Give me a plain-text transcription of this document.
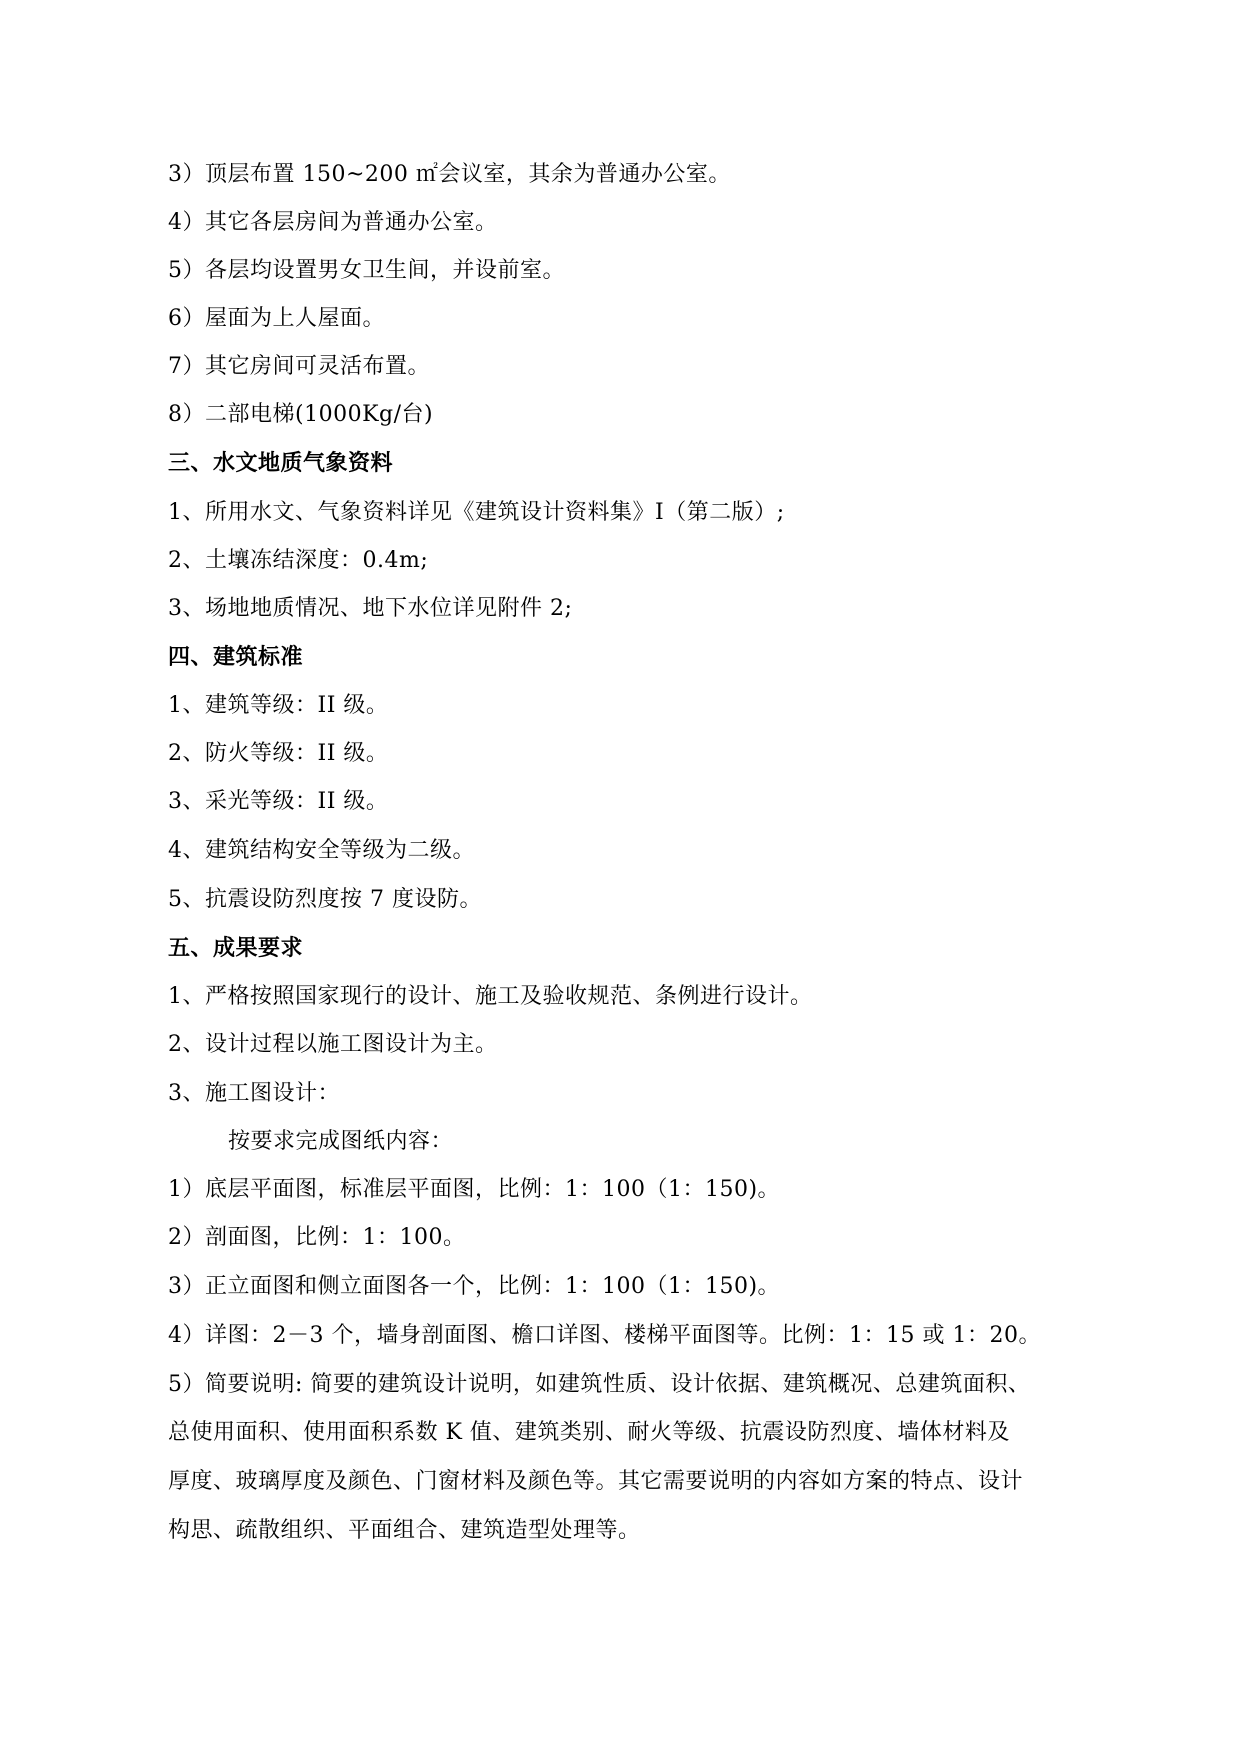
3）顶层布置 150~200 ㎡会议室，其余为普通办公室。
4）其它各层房间为普通办公室。
5）各层均设置男女卫生间，并设前室。
6）屋面为上人屋面。
7）其它房间可灵活布置。
8）二部电梯(1000Kg/台)
三、水文地质气象资料
1、所用水文、气象资料详见《建筑设计资料集》Ⅰ（第二版）;
2、土壤冻结深度：0.4m;
3、场地地质情况、地下水位详见附件 2;
四、建筑标准
1、建筑等级：II 级。
2、防火等级：II 级。
3、采光等级：II 级。
4、建筑结构安全等级为二级。
5、抗震设防烈度按 7 度设防。
五、成果要求
1、严格按照国家现行的设计、施工及验收规范、条例进行设计。
2、设计过程以施工图设计为主。
3、施工图设计：
按要求完成图纸内容：
1）底层平面图，标准层平面图，比例：1：100（1：150)。
2）剖面图，比例：1：100。
3）正立面图和侧立面图各一个，比例：1：100（1：150)。
4）详图：2－3 个，墙身剖面图、檐口详图、楼梯平面图等。比例：1：15 或 1：20。
5）简要说明: 简要的建筑设计说明，如建筑性质、设计依据、建筑概况、总建筑面积、
总使用面积、使用面积系数 K 值、建筑类别、耐火等级、抗震设防烈度、墙体材料及
厚度、玻璃厚度及颜色、门窗材料及颜色等。其它需要说明的内容如方案的特点、设计
构思、疏散组织、平面组合、建筑造型处理等。
